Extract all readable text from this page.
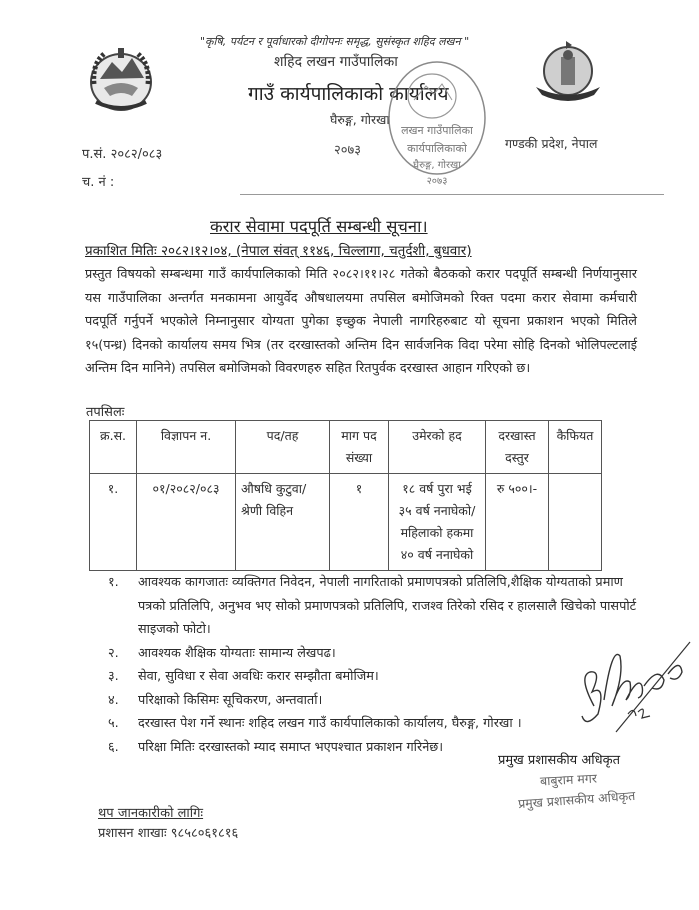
"कृषि, पर्यटन र पूर्वाधारको दीगोपनः समृद्ध, सुसंस्कृत शहिद लखन "
शहिद लखन गाउँपालिका
गाउँ कार्यपालिकाको कार्यालय
घैरुङ्ग, गोरखा
२०७३	गण्डकी प्रदेश, नेपाल
प.सं. २०८२/०८३
च. नं :
लखन गाउँपालिका
कार्यपालिकाको
घैरुङ्ग, गोरखा
२०७३
करार सेवामा पदपूर्ति सम्बन्धी सूचना।
प्रकाशित मितिः २०८२।१२।०४, (नेपाल संवत् ११४६, चिल्लागा, चतुर्दशी, बुधवार)
प्रस्तुत विषयको सम्बन्धमा गाउँ कार्यपालिकाको मिति २०८२।११।२८ गतेको बैठकको करार पदपूर्ति सम्बन्धी निर्णयानुसार यस गाउँपालिका अन्तर्गत मनकामना आयुर्वेद औषधालयमा तपसिल बमोजिमको रिक्त पदमा करार सेवामा कर्मचारी पदपूर्ति गर्नुपर्ने भएकोले निम्नानुसार योग्यता पुगेका इच्छुक नेपाली नागरिहरुबाट यो सूचना प्रकाशन भएको मितिले १५(पन्ध्र) दिनको कार्यालय समय भित्र (तर दरखास्तको अन्तिम दिन सार्वजनिक विदा परेमा सोहि दिनको भोलिपल्टलाई अन्तिम दिन मानिने) तपसिल बमोजिमको विवरणहरु सहित रितपुर्वक दरखास्त आहान गरिएको छ।
तपसिलः
क्र.स.	विज्ञापन न.	पद/तह	माग पद संख्या	उमेरको हद	दरखास्त दस्तुर	कैफियत
१.	०१/२०८२/०८३	औषधि कुटुवा/ श्रेणी विहिन	१	१८ वर्ष पुरा भई ३५ वर्ष ननाघेको/ महिलाको हकमा ४० वर्ष ननाघेको	रु ५००।-	
१.	आवश्यक कागजातः व्यक्तिगत निवेदन, नेपाली नागरिताको प्रमाणपत्रको प्रतिलिपि,शैक्षिक योग्यताको प्रमाण पत्रको प्रतिलिपि, अनुभव भए सोको प्रमाणपत्रको प्रतिलिपि, राजश्व तिरेको रसिद र हालसालै खिचेको पासपोर्ट साइजको फोटो।
२.	आवश्यक शैक्षिक योग्यताः सामान्य लेखपढ।
३.	सेवा, सुविधा र सेवा अवधिः करार सम्झौता बमोजिम।
४.	परिक्षाको किसिमः सूचिकरण, अन्तवार्ता।
५.	दरखास्त पेश गर्ने स्थानः शहिद लखन गाउँ कार्यपालिकाको कार्यालय, घैरुङ्ग, गोरखा ।
६.	परिक्षा मितिः दरखास्तको म्याद समाप्त भएपश्चात प्रकाशन गरिनेछ।
प्रमुख प्रशासकीय अधिकृत
बाबुराम मगर
प्रमुख प्रशासकीय अधिकृत
थप जानकारीको लागिः
प्रशासन शाखाः ९८५८०६१८१६
